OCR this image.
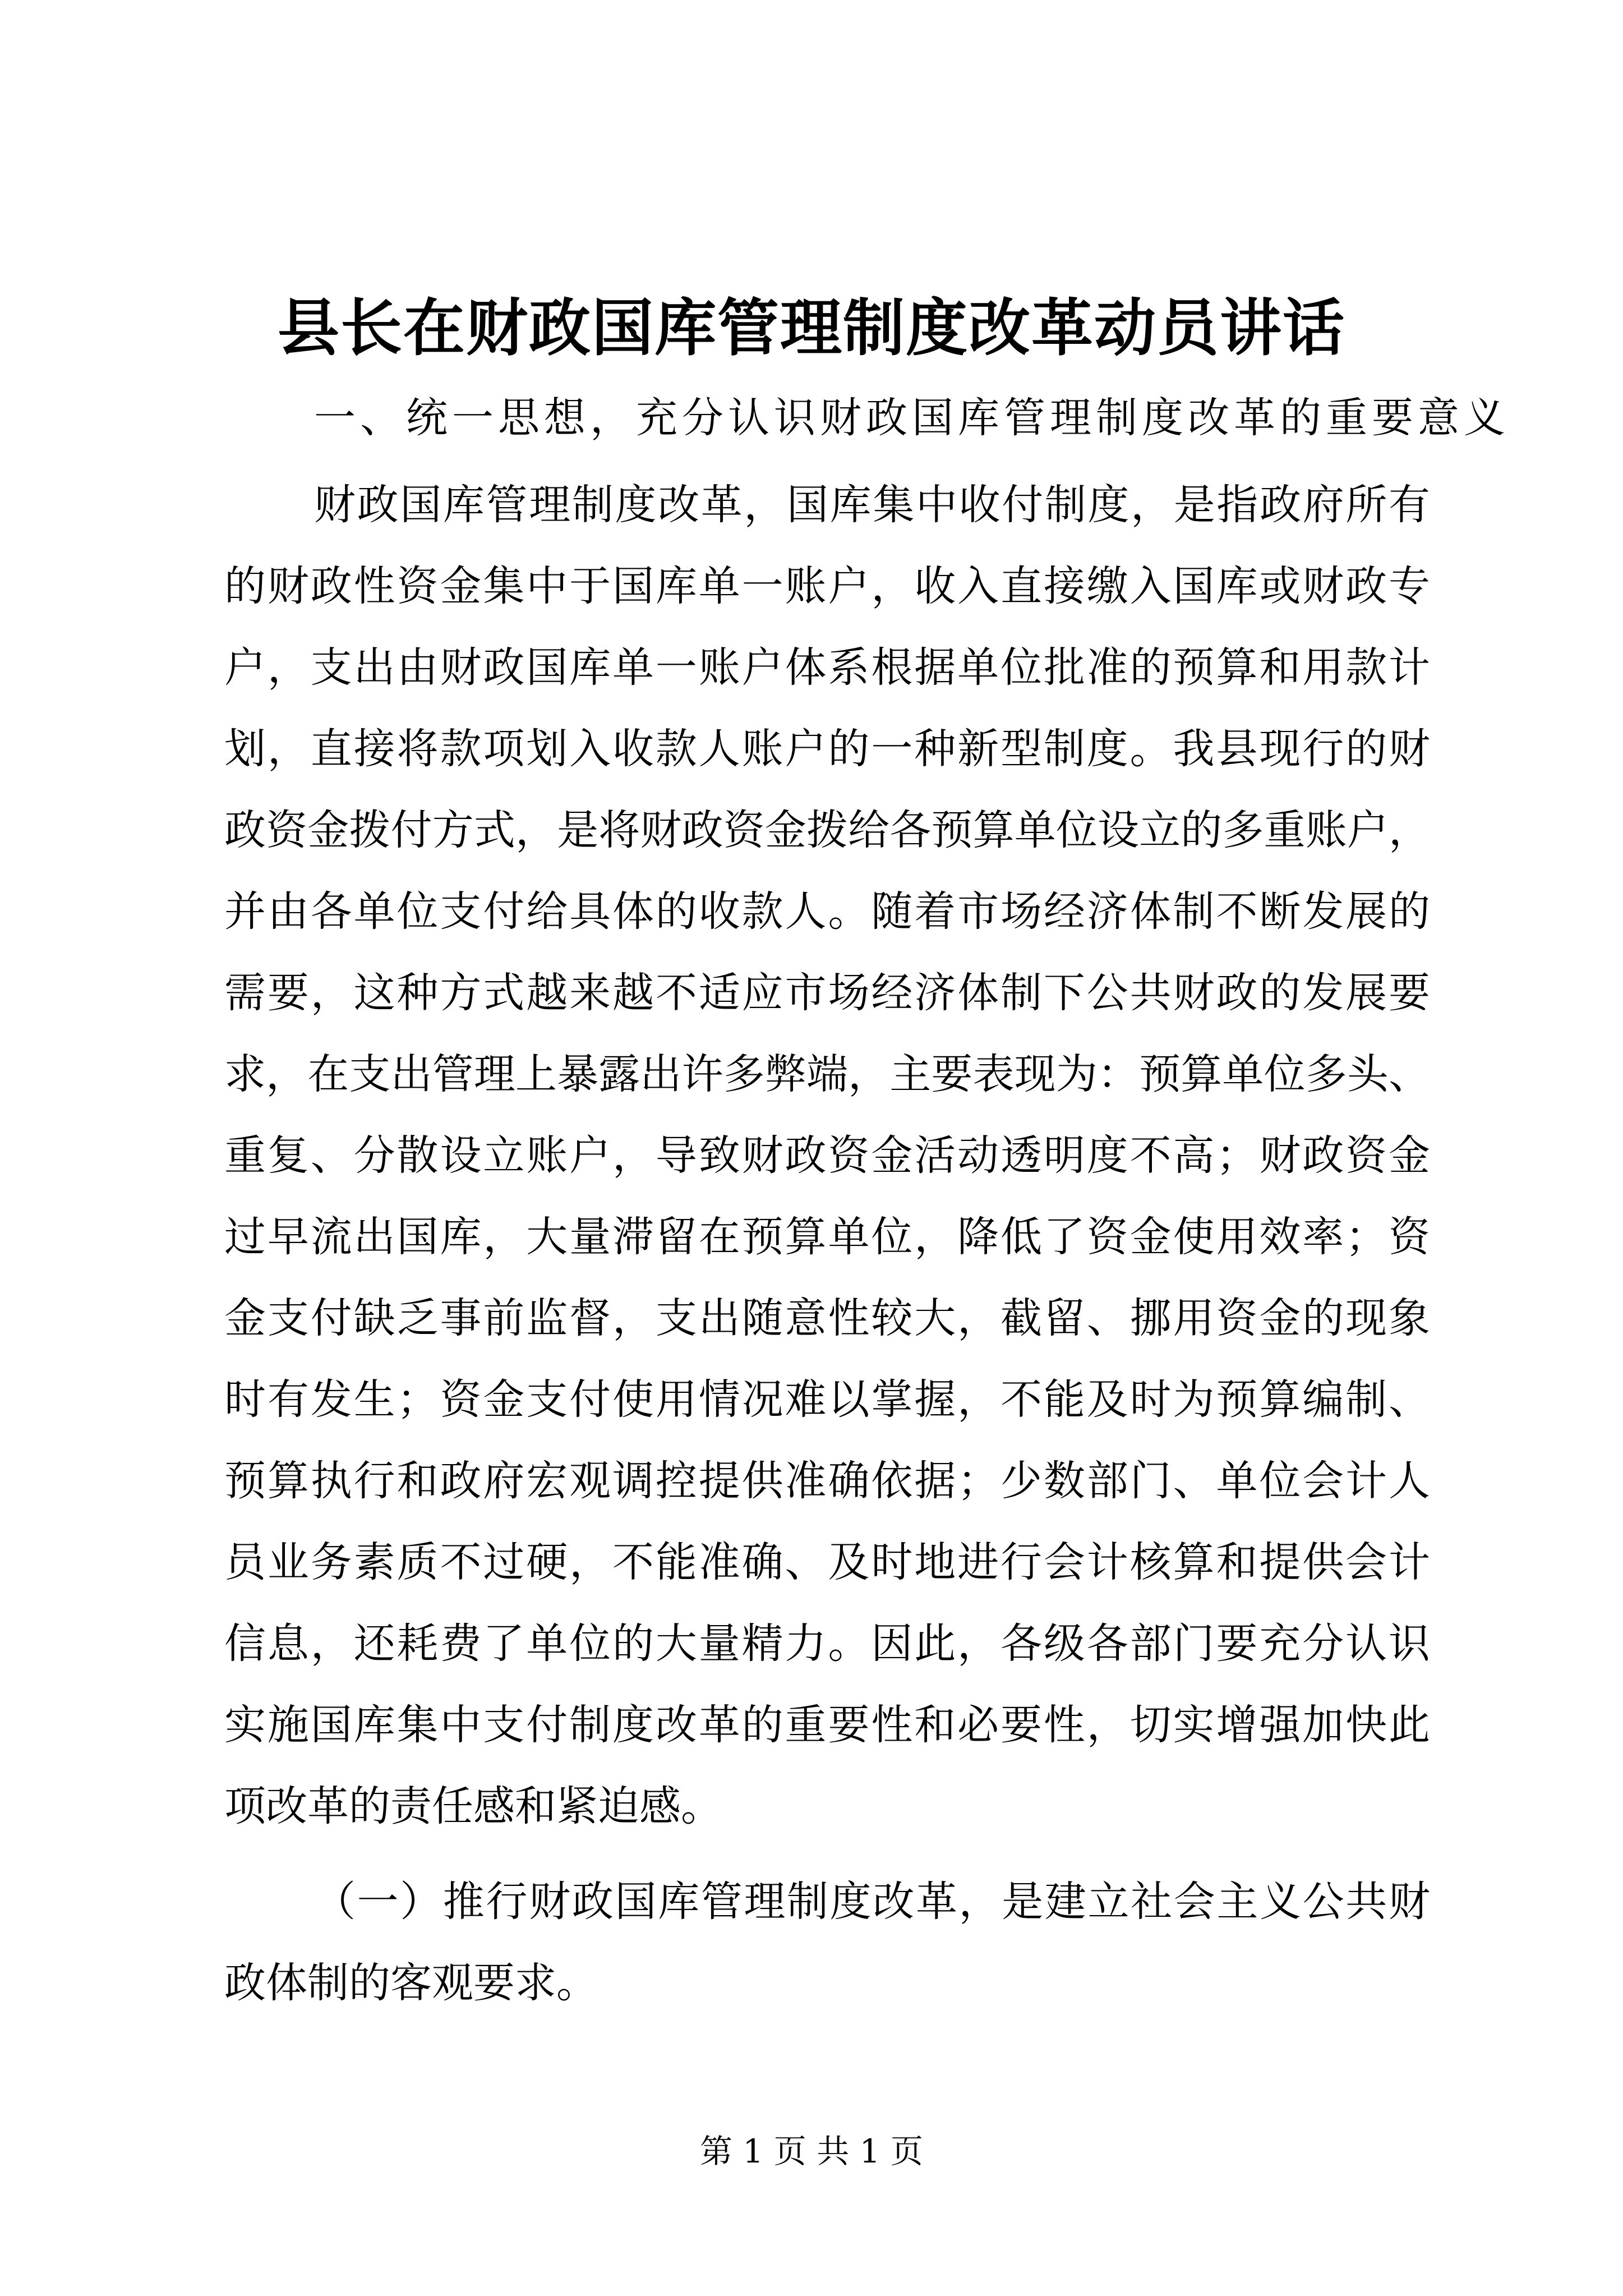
县长在财政国库管理制度改革动员讲话
一、统一思想，充分认识财政国库管理制度改革的重要意义
财政国库管理制度改革，国库集中收付制度，是指政府所有
的财政性资金集中于国库单一账户，收入直接缴入国库或财政专
户，支出由财政国库单一账户体系根据单位批准的预算和用款计
划，直接将款项划入收款人账户的一种新型制度。我县现行的财
政资金拨付方式，是将财政资金拨给各预算单位设立的多重账户，
并由各单位支付给具体的收款人。随着市场经济体制不断发展的
需要，这种方式越来越不适应市场经济体制下公共财政的发展要
求，在支出管理上暴露出许多弊端，主要表现为：预算单位多头、
重复、分散设立账户，导致财政资金活动透明度不高；财政资金
过早流出国库，大量滞留在预算单位，降低了资金使用效率；资
金支付缺乏事前监督，支出随意性较大，截留、挪用资金的现象
时有发生；资金支付使用情况难以掌握，不能及时为预算编制、
预算执行和政府宏观调控提供准确依据；少数部门、单位会计人
员业务素质不过硬，不能准确、及时地进行会计核算和提供会计
信息，还耗费了单位的大量精力。因此，各级各部门要充分认识
实施国库集中支付制度改革的重要性和必要性，切实增强加快此
项改革的责任感和紧迫感。
（一）推行财政国库管理制度改革，是建立社会主义公共财
政体制的客观要求。
第 1 页 共 1 页
